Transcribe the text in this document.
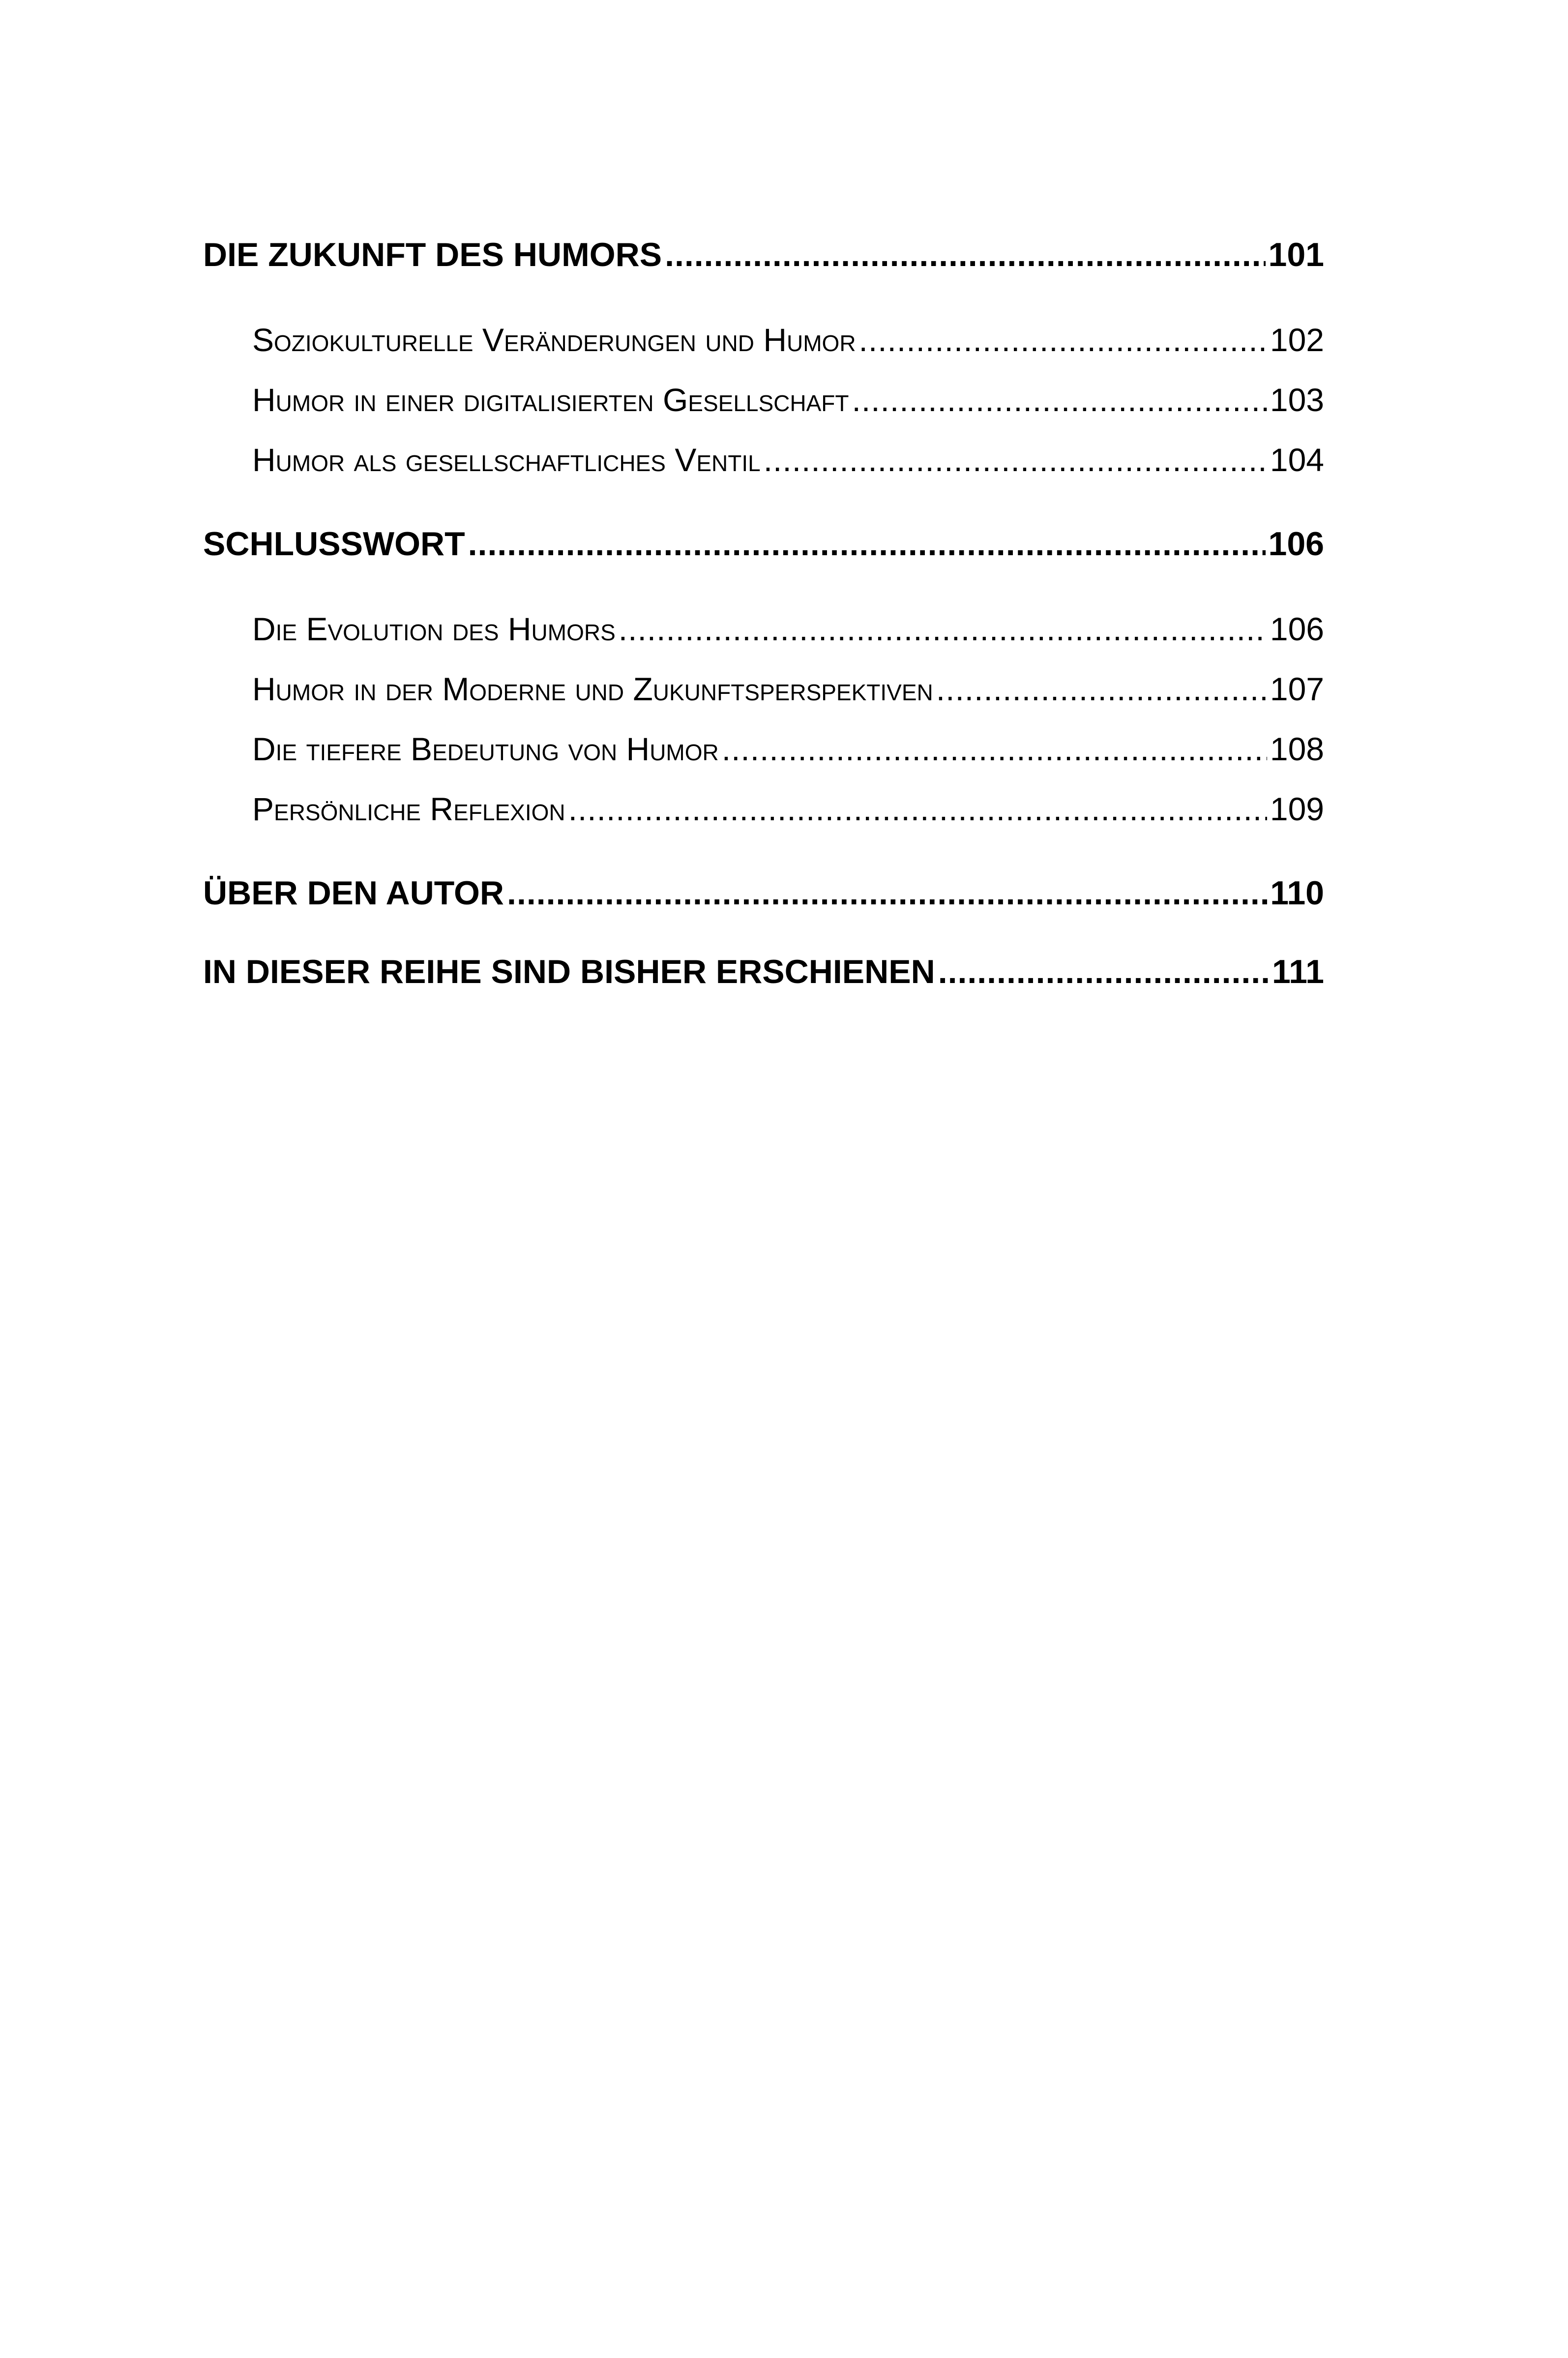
DIE ZUKUNFT DES HUMORS .....	101
Soziokulturelle Veränderungen und Humor .....	102
Humor in einer digitalisierten Gesellschaft .....	103
Humor als gesellschaftliches Ventil .....	104
SCHLUSSWORT .....	106
Die Evolution des Humors .....	106
Humor in der Moderne und Zukunftsperspektiven .....	107
Die tiefere Bedeutung von Humor .....	108
Persönliche Reflexion .....	109
ÜBER DEN AUTOR .....	110
IN DIESER REIHE SIND BISHER ERSCHIENEN .....	111
